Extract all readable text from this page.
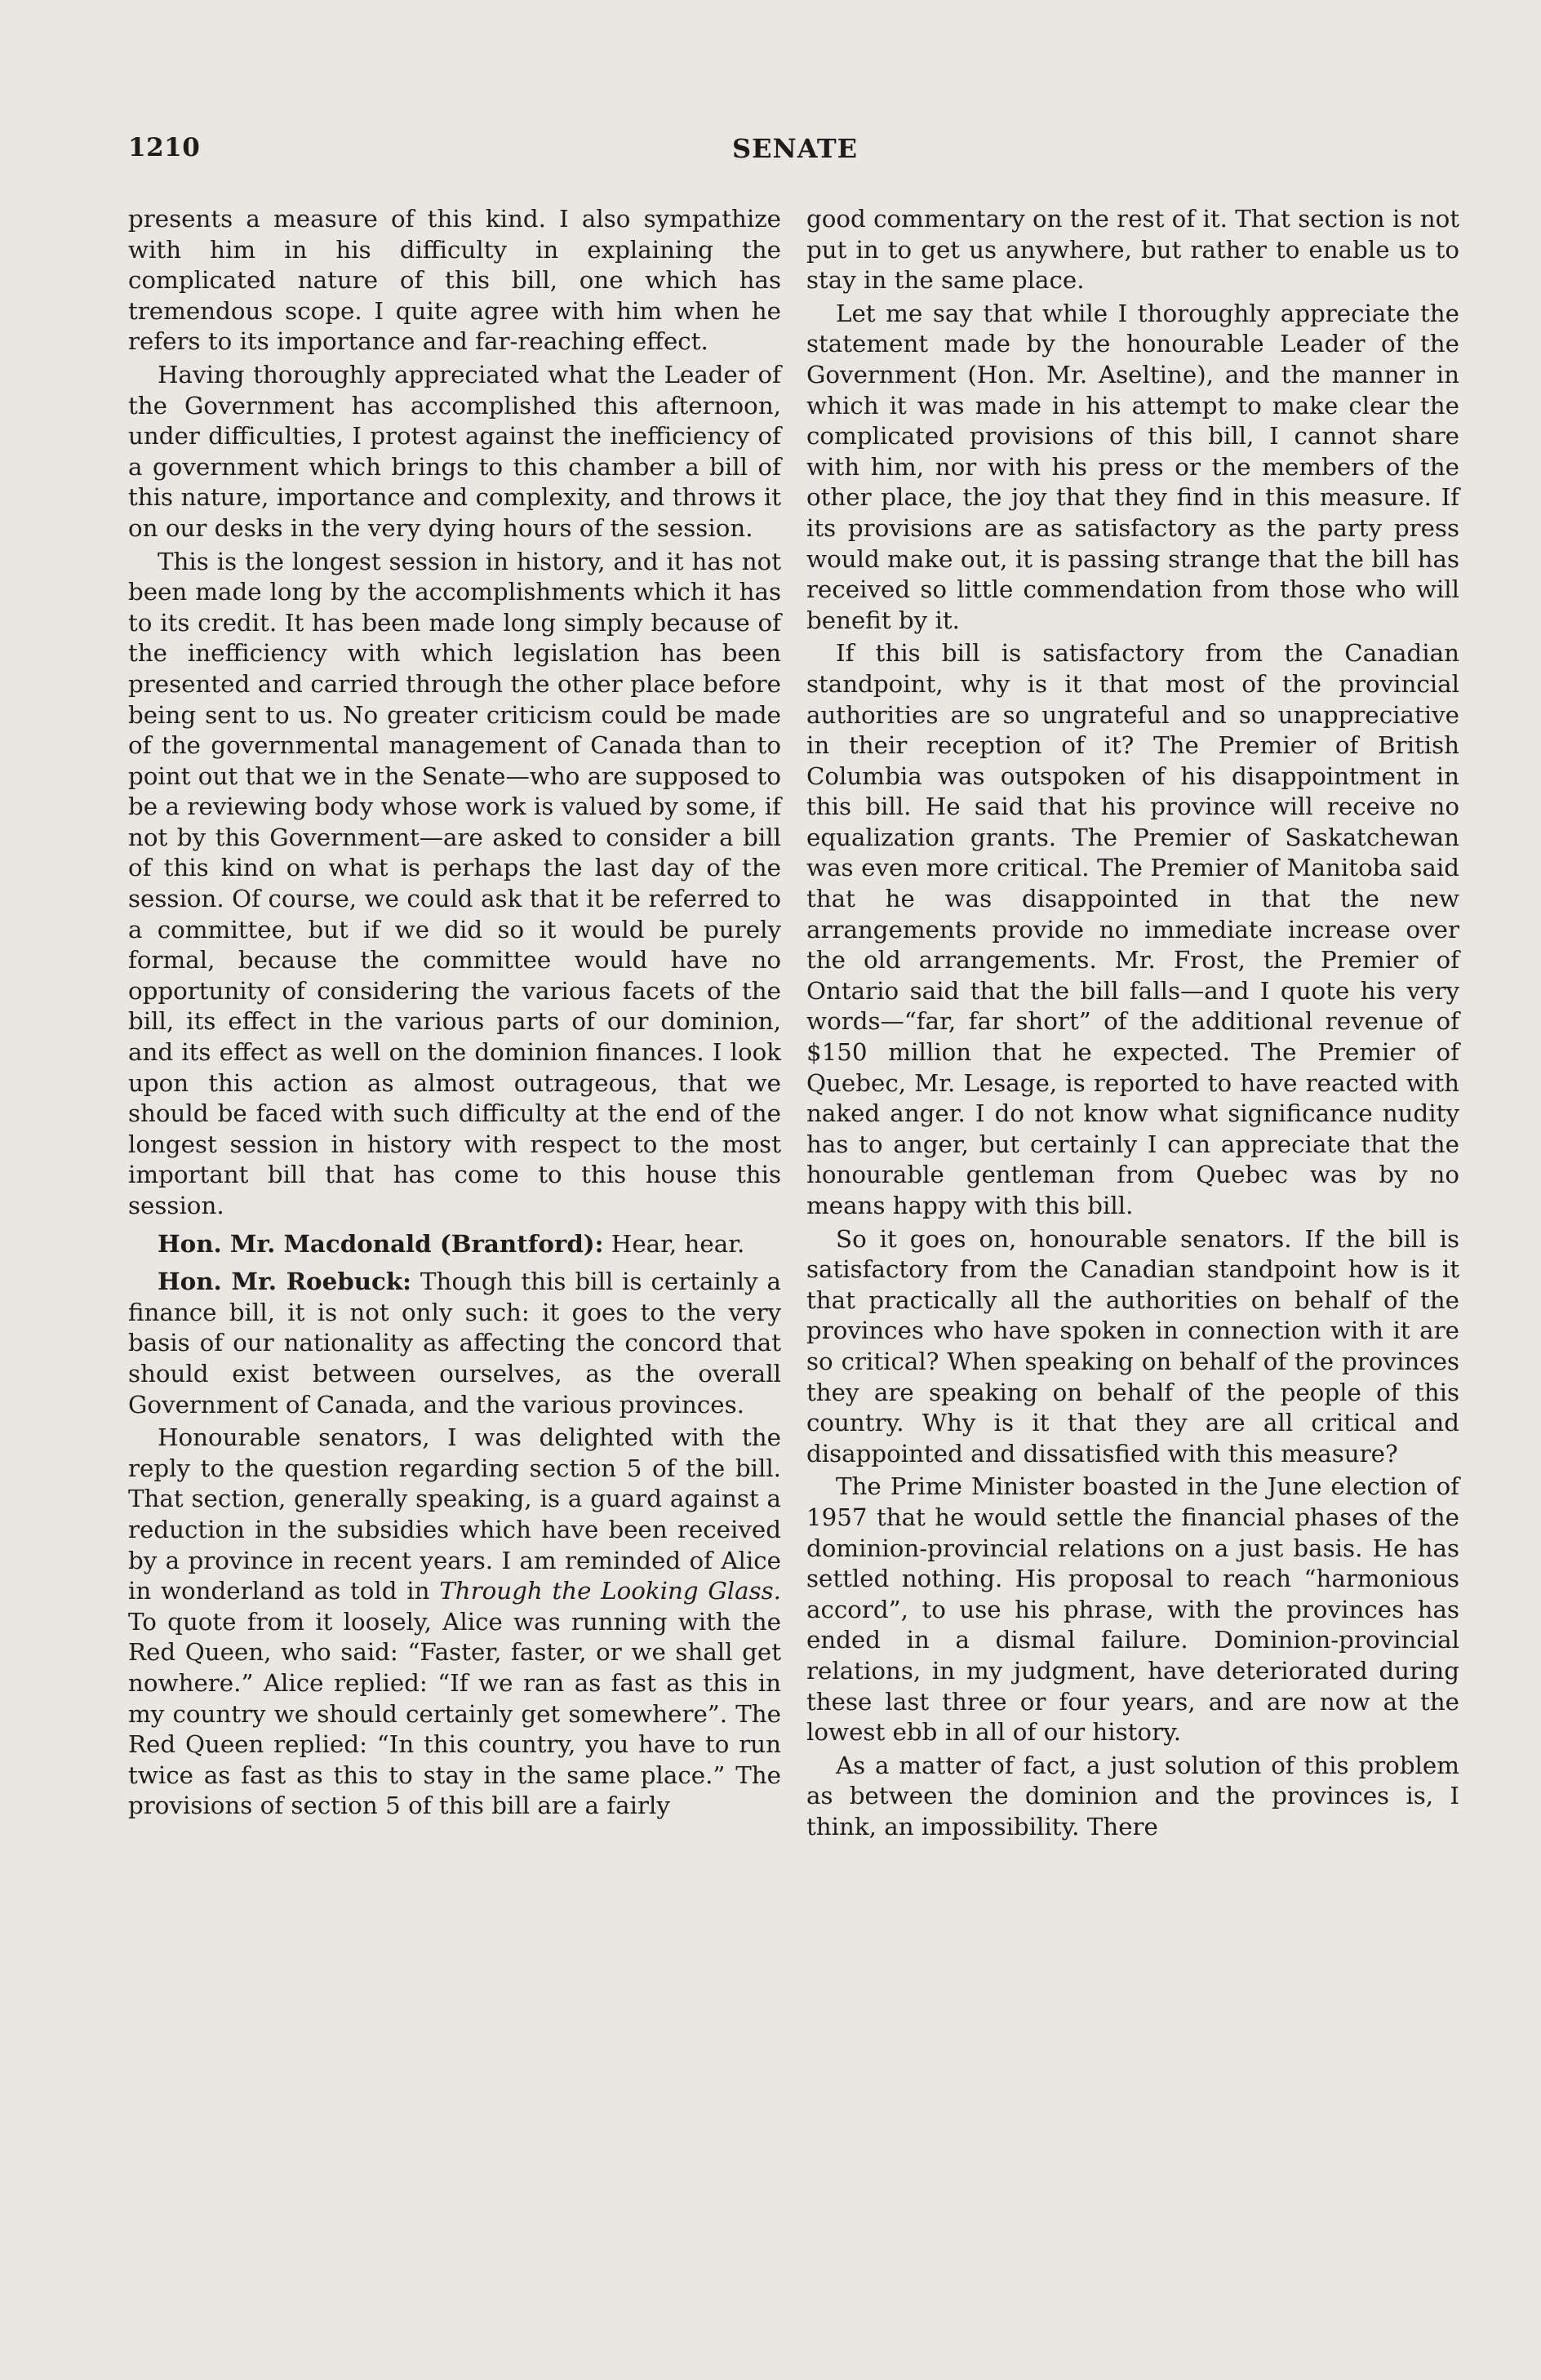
1210	SENATE

presents a measure of this kind. I also sympathize with him in his difficulty in explaining the complicated nature of this bill, one which has tremendous scope. I quite agree with him when he refers to its importance and far-reaching effect.

Having thoroughly appreciated what the Leader of the Government has accomplished this afternoon, under difficulties, I protest against the inefficiency of a government which brings to this chamber a bill of this nature, importance and complexity, and throws it on our desks in the very dying hours of the session.

This is the longest session in history, and it has not been made long by the accomplishments which it has to its credit. It has been made long simply because of the inefficiency with which legislation has been presented and carried through the other place before being sent to us. No greater criticism could be made of the governmental management of Canada than to point out that we in the Senate—who are supposed to be a reviewing body whose work is valued by some, if not by this Government—are asked to consider a bill of this kind on what is perhaps the last day of the session. Of course, we could ask that it be referred to a committee, but if we did so it would be purely formal, because the committee would have no opportunity of considering the various facets of the bill, its effect in the various parts of our dominion, and its effect as well on the dominion finances. I look upon this action as almost outrageous, that we should be faced with such difficulty at the end of the longest session in history with respect to the most important bill that has come to this house this session.

Hon. Mr. Macdonald (Brantford): Hear, hear.

Hon. Mr. Roebuck: Though this bill is certainly a finance bill, it is not only such: it goes to the very basis of our nationality as affecting the concord that should exist between ourselves, as the overall Government of Canada, and the various provinces.

Honourable senators, I was delighted with the reply to the question regarding section 5 of the bill. That section, generally speaking, is a guard against a reduction in the subsidies which have been received by a province in recent years. I am reminded of Alice in wonderland as told in Through the Looking Glass. To quote from it loosely, Alice was running with the Red Queen, who said: “Faster, faster, or we shall get nowhere.” Alice replied: “If we ran as fast as this in my country we should certainly get somewhere”. The Red Queen replied: “In this country, you have to run twice as fast as this to stay in the same place.” The provisions of section 5 of this bill are a fairly

good commentary on the rest of it. That section is not put in to get us anywhere, but rather to enable us to stay in the same place.

Let me say that while I thoroughly appreciate the statement made by the honourable Leader of the Government (Hon. Mr. Aseltine), and the manner in which it was made in his attempt to make clear the complicated provisions of this bill, I cannot share with him, nor with his press or the members of the other place, the joy that they find in this measure. If its provisions are as satisfactory as the party press would make out, it is passing strange that the bill has received so little commendation from those who will benefit by it.

If this bill is satisfactory from the Canadian standpoint, why is it that most of the provincial authorities are so ungrateful and so unappreciative in their reception of it? The Premier of British Columbia was outspoken of his disappointment in this bill. He said that his province will receive no equalization grants. The Premier of Saskatchewan was even more critical. The Premier of Manitoba said that he was disappointed in that the new arrangements provide no immediate increase over the old arrangements. Mr. Frost, the Premier of Ontario said that the bill falls—and I quote his very words—“far, far short” of the additional revenue of $150 million that he expected. The Premier of Quebec, Mr. Lesage, is reported to have reacted with naked anger. I do not know what significance nudity has to anger, but certainly I can appreciate that the honourable gentleman from Quebec was by no means happy with this bill.

So it goes on, honourable senators. If the bill is satisfactory from the Canadian standpoint how is it that practically all the authorities on behalf of the provinces who have spoken in connection with it are so critical? When speaking on behalf of the provinces they are speaking on behalf of the people of this country. Why is it that they are all critical and disappointed and dissatisfied with this measure?

The Prime Minister boasted in the June election of 1957 that he would settle the financial phases of the dominion-provincial relations on a just basis. He has settled nothing. His proposal to reach “harmonious accord”, to use his phrase, with the provinces has ended in a dismal failure. Dominion-provincial relations, in my judgment, have deteriorated during these last three or four years, and are now at the lowest ebb in all of our history.

As a matter of fact, a just solution of this problem as between the dominion and the provinces is, I think, an impossibility. There
